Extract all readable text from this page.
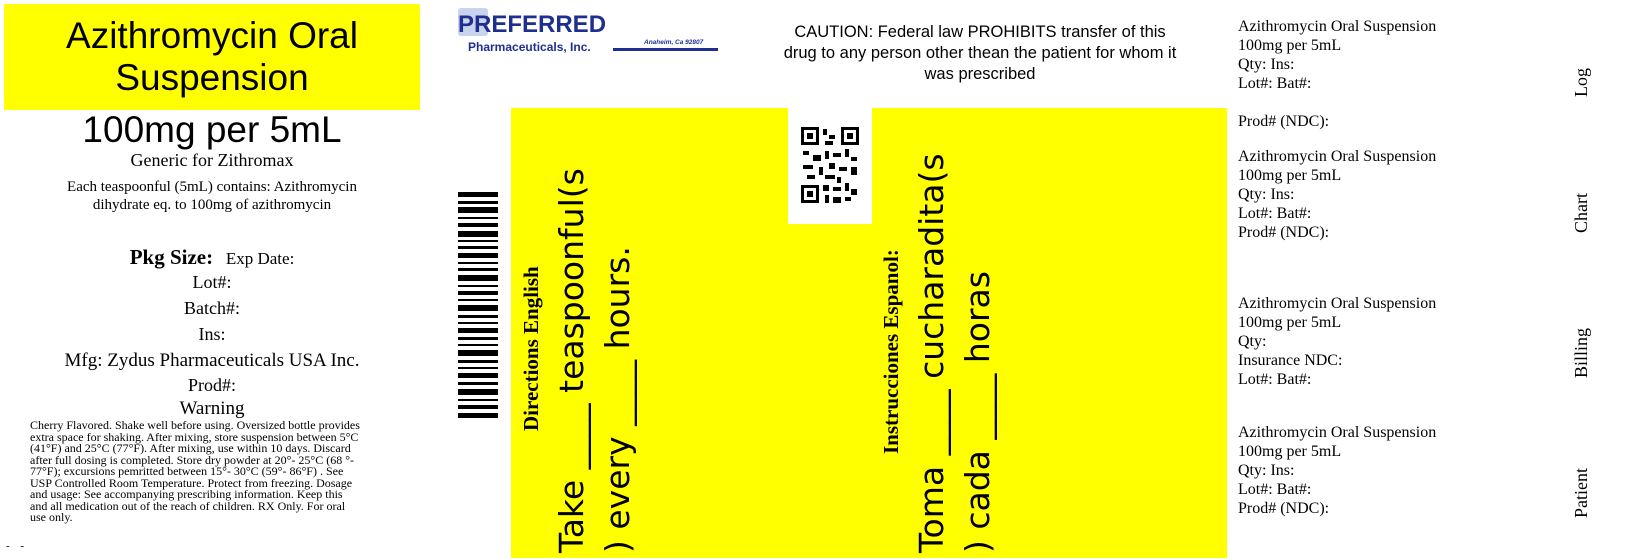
Azithromycin Oral Suspension
100mg per 5mL
Generic for Zithromax
Each teaspoonful (5mL) contains: Azithromycin dihydrate eq. to 100mg of azithromycin
Pkg Size: Exp Date:
Lot#:
Batch#:
Ins:
Mfg: Zydus Pharmaceuticals USA Inc.
Prod#:
Warning
Cherry Flavored. Shake well before using. Oversized bottle provides extra space for shaking. After mixing, store suspension between 5°C (41°F) and 25°C (77°F). After mixing, use within 10 days. Discard after full dosing is completed. Store dry powder at 20°- 25°C (68 °- 77°F); excursions pemritted between 15°- 30°C (59°- 86°F) . See USP Controlled Room Temperature. Protect from freezing. Dosage and usage: See accompanying prescribing information. Keep this and all medication out of the reach of children. RX Only. For oral use only.
- -
PREFERRED
Pharmaceuticals, Inc.	Anaheim, Ca 92807
CAUTION: Federal law PROHIBITS transfer of this drug to any person other thean the patient for whom it was prescribed
Directions English Take ____ teaspoonful(s ) every ____ hours.	Instrucciones Espanol: Toma ____ cucharadita(s ) cada ____ horas
Azithromycin Oral Suspension
100mg per 5mL
Qty: Ins:
Lot#: Bat#:
Prod# (NDC):
Log
Azithromycin Oral Suspension
100mg per 5mL
Qty: Ins:
Lot#: Bat#:
Prod# (NDC):	Chart
Azithromycin Oral Suspension
100mg per 5mL
Qty:
Insurance NDC:
Lot#: Bat#:
Billing
Azithromycin Oral Suspension
100mg per 5mL
Qty: Ins:
Lot#: Bat#:
Prod# (NDC):	Patient
